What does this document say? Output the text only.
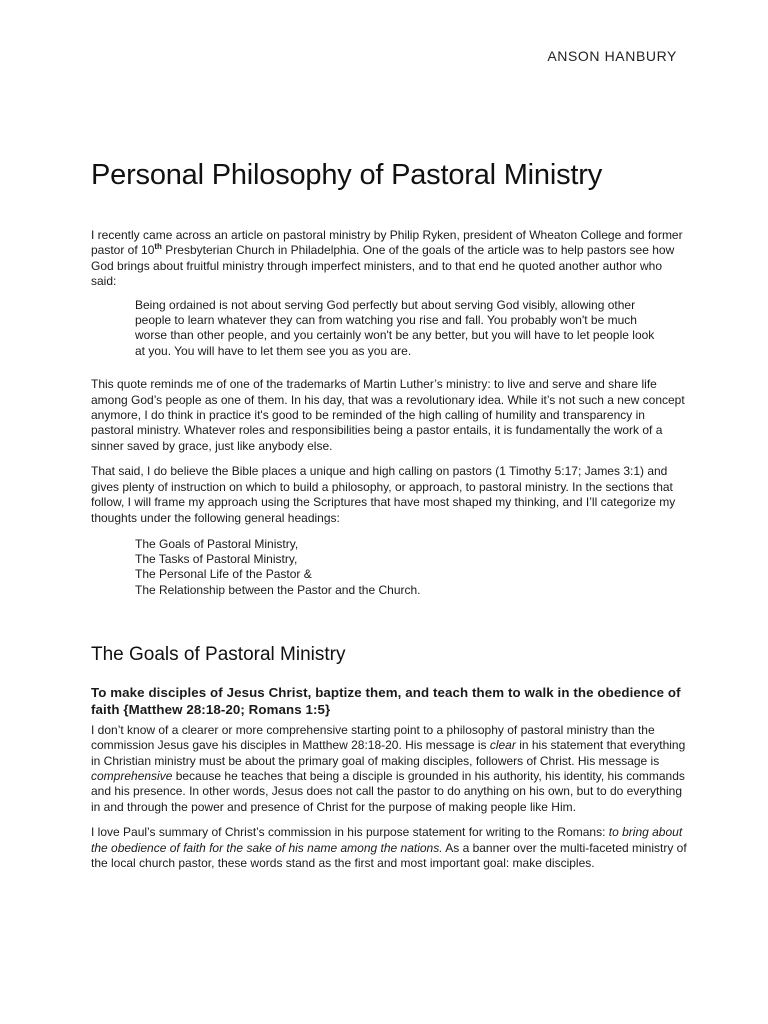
ANSON HANBURY
Personal Philosophy of Pastoral Ministry

I recently came across an article on pastoral ministry by Philip Ryken, president of Wheaton College and former pastor of 10th Presbyterian Church in Philadelphia. One of the goals of the article was to help pastors see how God brings about fruitful ministry through imperfect ministers, and to that end he quoted another author who said:

Being ordained is not about serving God perfectly but about serving God visibly, allowing other people to learn whatever they can from watching you rise and fall. You probably won't be much worse than other people, and you certainly won't be any better, but you will have to let people look at you. You will have to let them see you as you are.

This quote reminds me of one of the trademarks of Martin Luther’s ministry: to live and serve and share life among God’s people as one of them. In his day, that was a revolutionary idea. While it’s not such a new concept anymore, I do think in practice it's good to be reminded of the high calling of humility and transparency in pastoral ministry. Whatever roles and responsibilities being a pastor entails, it is fundamentally the work of a sinner saved by grace, just like anybody else.

That said, I do believe the Bible places a unique and high calling on pastors (1 Timothy 5:17; James 3:1) and gives plenty of instruction on which to build a philosophy, or approach, to pastoral ministry. In the sections that follow, I will frame my approach using the Scriptures that have most shaped my thinking, and I’ll categorize my thoughts under the following general headings:

The Goals of Pastoral Ministry,
The Tasks of Pastoral Ministry,
The Personal Life of the Pastor &
The Relationship between the Pastor and the Church.
The Goals of Pastoral Ministry
To make disciples of Jesus Christ, baptize them, and teach them to walk in the obedience of faith {Matthew 28:18-20; Romans 1:5}

I don’t know of a clearer or more comprehensive starting point to a philosophy of pastoral ministry than the commission Jesus gave his disciples in Matthew 28:18-20. His message is clear in his statement that everything in Christian ministry must be about the primary goal of making disciples, followers of Christ. His message is comprehensive because he teaches that being a disciple is grounded in his authority, his identity, his commands and his presence. In other words, Jesus does not call the pastor to do anything on his own, but to do everything in and through the power and presence of Christ for the purpose of making people like Him.

I love Paul’s summary of Christ’s commission in his purpose statement for writing to the Romans: to bring about the obedience of faith for the sake of his name among the nations. As a banner over the multi-faceted ministry of the local church pastor, these words stand as the first and most important goal: make disciples.
